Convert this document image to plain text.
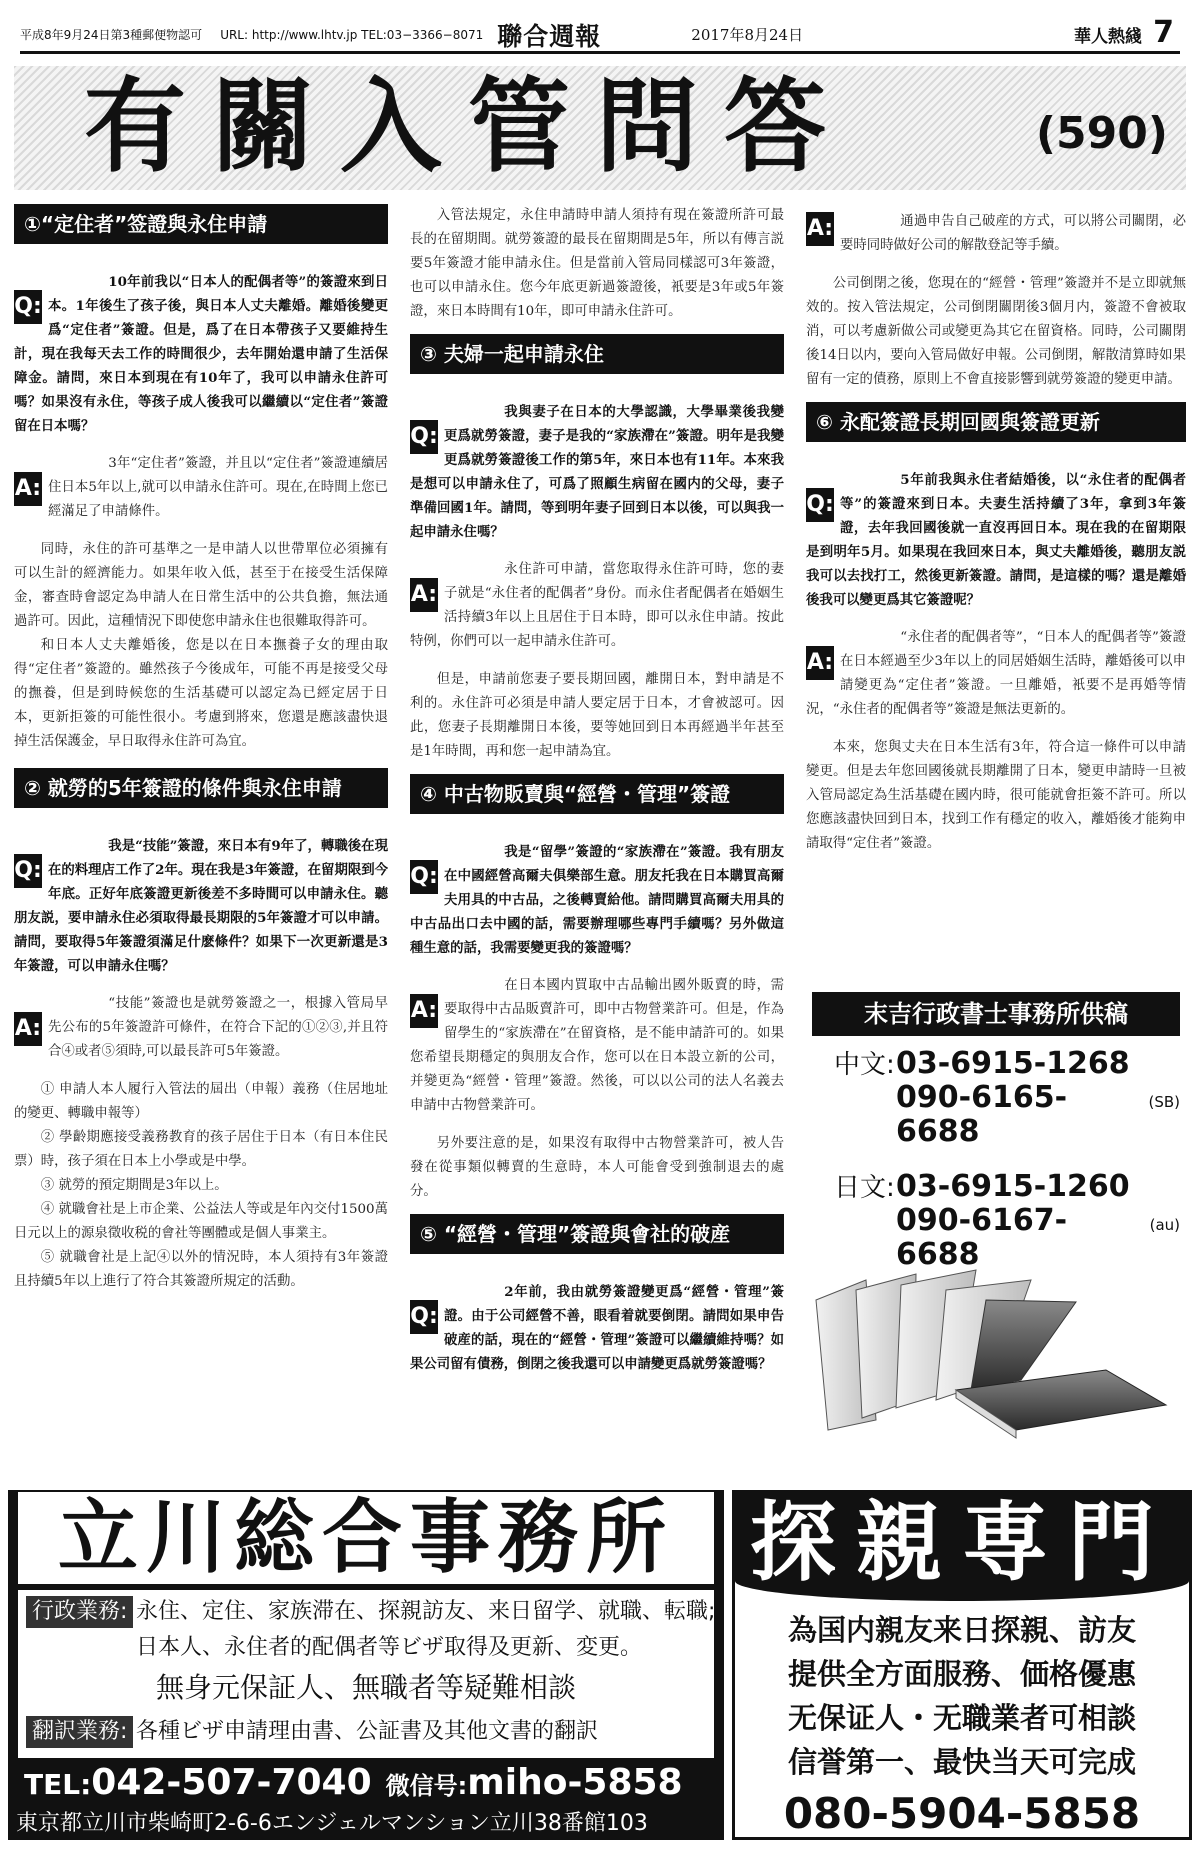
平成8年9月24日第3種郵便物認可 URL: http://www.lhtv.jp TEL:03−3366−8071 聯合週報	2017年8月24日	華人熱綫 7
有關入管問答	(590)
①“定住者”签證與永住申請
Q:

10年前我以“日本人的配偶者等”的簽證來到日本。1年後生了孩子後，與日本人丈夫離婚。離婚後變更爲“定住者”簽證。但是，爲了在日本帶孩子又要維持生計，現在我每天去工作的時間很少，去年開始還申請了生活保障金。請問，來日本到現在有10年了，我可以申請永住許可嗎？如果沒有永住，等孩子成人後我可以繼續以“定住者”簽證留在日本嗎？

A:

3年“定住者”簽證，并且以“定住者”簽證連續居住日本5年以上,就可以申請永住許可。現在,在時間上您已經滿足了申請條件。

同時，永住的許可基準之一是申請人以世帶單位必須擁有可以生計的經濟能力。如果年收入低，甚至于在接受生活保障金，審查時會認定為申請人在日常生活中的公共負擔，無法通過許可。因此，這種情況下即使您申請永住也很難取得許可。

和日本人丈夫離婚後，您是以在日本撫養子女的理由取得“定住者”簽證的。雖然孩子今後成年，可能不再是接受父母的撫養，但是到時候您的生活基礎可以認定為已經定居于日本，更新拒簽的可能性很小。考慮到將來，您還是應該盡快退掉生活保護金，早日取得永住許可為宜。

② 就勞的5年簽證的條件與永住申請
Q:

我是“技能”簽證，來日本有9年了，轉職後在現在的料理店工作了2年。現在我是3年簽證，在留期限到今年底。正好年底簽證更新後差不多時間可以申請永住。聽朋友説，要申請永住必須取得最長期限的5年簽證才可以申請。請問，要取得5年簽證須滿足什麽條件？如果下一次更新還是3年簽證，可以申請永住嗎？

A:

“技能”簽證也是就勞簽證之一，根據入管局早先公布的5年簽證許可條件，在符合下記的①②③,并且符合④或者⑤須時,可以最長許可5年簽證。

① 申請人本人履行入管法的屆出（申報）義務（住居地址的變更、轉職申報等）

② 學齡期應接受義務教育的孩子居住于日本（有日本住民票）時，孩子須在日本上小學或是中學。

③ 就勞的預定期間是3年以上。

④ 就職會社是上市企業、公益法人等或是年內交付1500萬日元以上的源泉徵收税的會社等團體或是個人事業主。

⑤ 就職會社是上記④以外的情況時，本人須持有3年簽證且持續5年以上進行了符合其簽證所規定的活動。

入管法規定，永住申請時申請人須持有現在簽證所許可最長的在留期間。就勞簽證的最長在留期間是5年，所以有傳言説要5年簽證才能申請永住。但是當前入管局同樣認可3年簽證，也可以申請永住。您今年底更新過簽證後，衹要是3年或5年簽證，來日本時間有10年，即可申請永住許可。

③ 夫婦一起申請永住
Q:

我與妻子在日本的大學認識，大學畢業後我變更爲就勞簽證，妻子是我的“家族滯在”簽證。明年是我變更爲就勞簽證後工作的第5年，來日本也有11年。本來我是想可以申請永住了，可爲了照顧生病留在國内的父母，妻子準備回國1年。請問，等到明年妻子回到日本以後，可以與我一起申請永住嗎？

A:

永住許可申請，當您取得永住許可時，您的妻子就是“永住者的配偶者”身份。而永住者配偶者在婚姻生活持續3年以上且居住于日本時，即可以永住申請。按此特例，你們可以一起申請永住許可。

但是，申請前您妻子要長期回國，離開日本，對申請是不利的。永住許可必須是申請人要定居于日本，才會被認可。因此，您妻子長期離開日本後，要等她回到日本再經過半年甚至是1年時間，再和您一起申請為宜。

④ 中古物販賣與“經營・管理”簽證
Q:

我是“留學”簽證的“家族滯在”簽證。我有朋友在中國經營高爾夫俱樂部生意。朋友托我在日本購買高爾夫用具的中古品，之後轉賣給他。請問購買高爾夫用具的中古品出口去中國的話，需要辦理哪些專門手續嗎？另外做這種生意的話，我需要變更我的簽證嗎？

A:

在日本國内買取中古品輸出國外販賣的時，需要取得中古品販賣許可，即中古物營業許可。但是，作為留學生的“家族滯在”在留資格，是不能申請許可的。如果您希望長期穩定的與朋友合作，您可以在日本設立新的公司，并變更為“經營・管理”簽證。然後，可以以公司的法人名義去申請中古物營業許可。

另外要注意的是，如果沒有取得中古物營業許可，被人告發在從事類似轉賣的生意時，本人可能會受到強制退去的處分。

⑤ “經營・管理”簽證與會社的破産
Q:

2年前，我由就勞簽證變更爲“經營・管理”簽證。由于公司經營不善，眼看着就要倒閉。請問如果申告破産的話，現在的“經營・管理”簽證可以繼續維持嗎？如果公司留有債務，倒閉之後我還可以申請變更爲就勞簽證嗎？

A:	通過申告自己破産的方式，可以將公司關閉，必要時同時做好公司的解散登記等手續。

公司倒閉之後，您現在的“經營・管理”簽證并不是立即就無效的。按入管法規定，公司倒閉關閉後3個月内，簽證不會被取消，可以考慮新做公司或變更為其它在留資格。同時，公司關閉後14日以内，要向入管局做好申報。公司倒閉，解散清算時如果留有一定的債務，原則上不會直接影響到就勞簽證的變更申請。

⑥ 永配簽證長期回國與簽證更新
Q:

5年前我與永住者結婚後，以“永住者的配偶者等”的簽證來到日本。夫妻生活持續了3年，拿到3年簽證，去年我回國後就一直沒再回日本。現在我的在留期限是到明年5月。如果現在我回來日本，與丈夫離婚後，聽朋友説我可以去找打工，然後更新簽證。請問，是這樣的嗎？還是離婚後我可以變更爲其它簽證呢？

A:

“永住者的配偶者等”，“日本人的配偶者等”簽證在日本經過至少3年以上的同居婚姻生活時，離婚後可以申請變更為“定住者”簽證。一旦離婚，衹要不是再婚等情況，“永住者的配偶者等”簽證是無法更新的。

本來，您與丈夫在日本生活有3年，符合這一條件可以申請變更。但是去年您回國後就長期離開了日本，變更申請時一旦被入管局認定為生活基礎在國内時，很可能就會拒簽不許可。所以您應該盡快回到日本，找到工作有穩定的收入，離婚後才能夠申請取得“定住者”簽證。

末吉行政書士事務所供稿
中文: 03-6915-1268
090-6165-6688
(SB)
日文: 03-6915-1260
090-6167-6688
(au)
立川総合事務所
行政業務: 永住、定住、家族滞在、探親訪友、来日留学、就職、転職;
日本人、永住者的配偶者等ビザ取得及更新、変更。
無身元保証人、無職者等疑難相談
翻訳業務: 各種ビザ申請理由書、公証書及其他文書的翻訳
TEL:042-507-7040 微信号:miho-5858
東京都立川市柴崎町2-6-6エンジェルマンション立川38番館103
探親専門
為国内親友来日探親、訪友
提供全方面服務、価格優惠
无保证人・无職業者可相談
信誉第一、最快当天可完成
080-5904-5858
